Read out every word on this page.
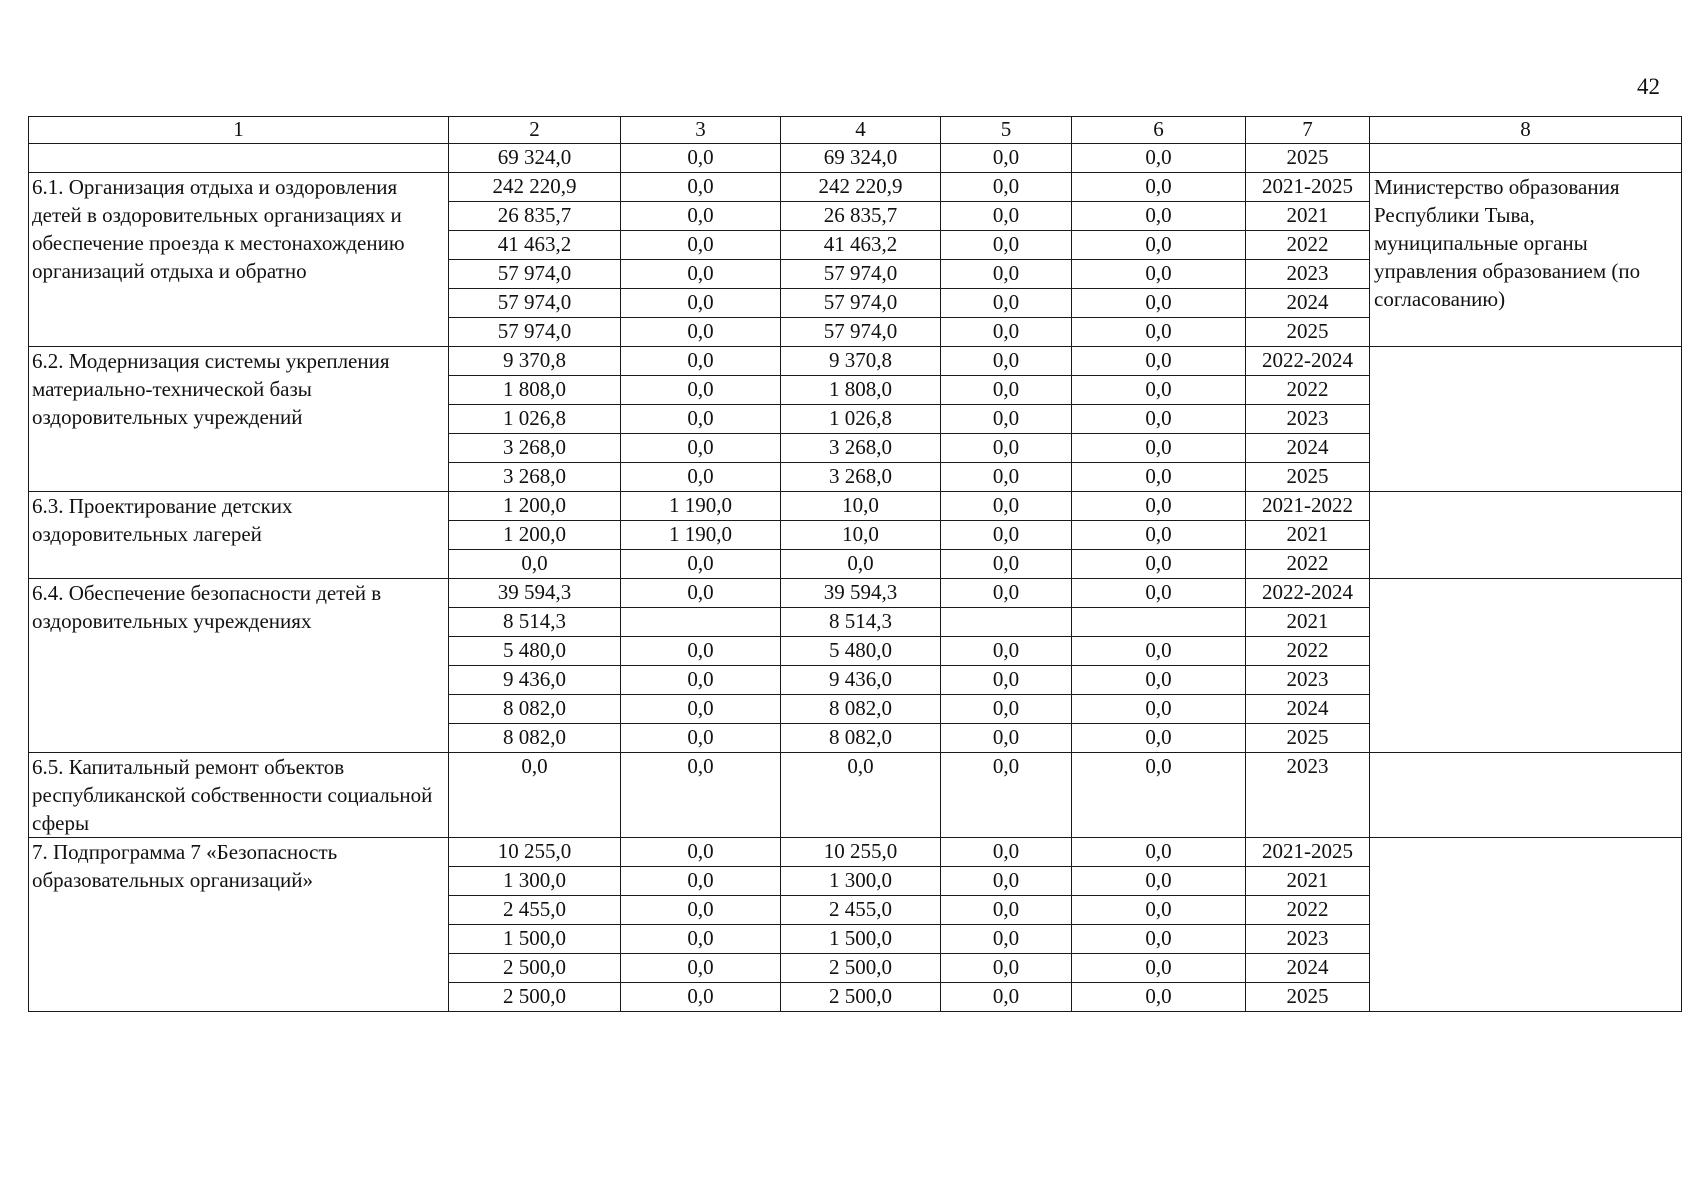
42
1	2	3	4	5	6	7	8
	69 324,0	0,0	69 324,0	0,0	0,0	2025	
6.1. Организация отдыха и оздоровления детей в оздоровительных организациях и обеспечение проезда к местонахождению организаций отдыха и обратно	242 220,9	0,0	242 220,9	0,0	0,0	2021-2025	Министерство образования Республики Тыва, муниципальные органы управления образованием (по согласованию)
	26 835,7	0,0	26 835,7	0,0	0,0	2021	
	41 463,2	0,0	41 463,2	0,0	0,0	2022	
	57 974,0	0,0	57 974,0	0,0	0,0	2023	
	57 974,0	0,0	57 974,0	0,0	0,0	2024	
	57 974,0	0,0	57 974,0	0,0	0,0	2025	
6.2. Модернизация системы укрепления материально-технической базы оздоровительных учреждений	9 370,8	0,0	9 370,8	0,0	0,0	2022-2024	
	1 808,0	0,0	1 808,0	0,0	0,0	2022	
	1 026,8	0,0	1 026,8	0,0	0,0	2023	
	3 268,0	0,0	3 268,0	0,0	0,0	2024	
	3 268,0	0,0	3 268,0	0,0	0,0	2025	
6.3. Проектирование детских оздоровительных лагерей	1 200,0	1 190,0	10,0	0,0	0,0	2021-2022	
	1 200,0	1 190,0	10,0	0,0	0,0	2021	
	0,0	0,0	0,0	0,0	0,0	2022	
6.4. Обеспечение безопасности детей в оздоровительных учреждениях	39 594,3	0,0	39 594,3	0,0	0,0	2022-2024	
	8 514,3		8 514,3			2021	
	5 480,0	0,0	5 480,0	0,0	0,0	2022	
	9 436,0	0,0	9 436,0	0,0	0,0	2023	
	8 082,0	0,0	8 082,0	0,0	0,0	2024	
	8 082,0	0,0	8 082,0	0,0	0,0	2025	
6.5. Капитальный ремонт объектов республиканской собственности социальной сферы	0,0	0,0	0,0	0,0	0,0	2023	
7. Подпрограмма 7 «Безопасность образовательных организаций»	10 255,0	0,0	10 255,0	0,0	0,0	2021-2025	
	1 300,0	0,0	1 300,0	0,0	0,0	2021	
	2 455,0	0,0	2 455,0	0,0	0,0	2022	
	1 500,0	0,0	1 500,0	0,0	0,0	2023	
	2 500,0	0,0	2 500,0	0,0	0,0	2024	
	2 500,0	0,0	2 500,0	0,0	0,0	2025	
